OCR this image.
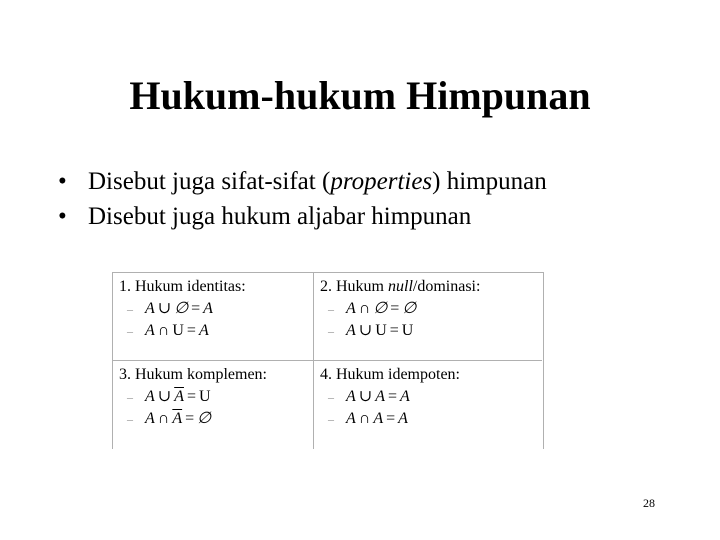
Hukum-hukum Himpunan
• Disebut juga sifat-sifat (properties) himpunan
• Disebut juga hukum aljabar himpunan
1. Hukum identitas:
– A ∪ ∅ = A
– A ∩ U = A
2. Hukum null/dominasi:
– A ∩ ∅ = ∅
– A ∪ U = U
3. Hukum komplemen:
– A ∪ $\overline{A} = U$
– A ∩ $\overline{A}$ = ∅
4. Hukum idempoten:
– A ∪ A = A
– A ∩ A = A
28
